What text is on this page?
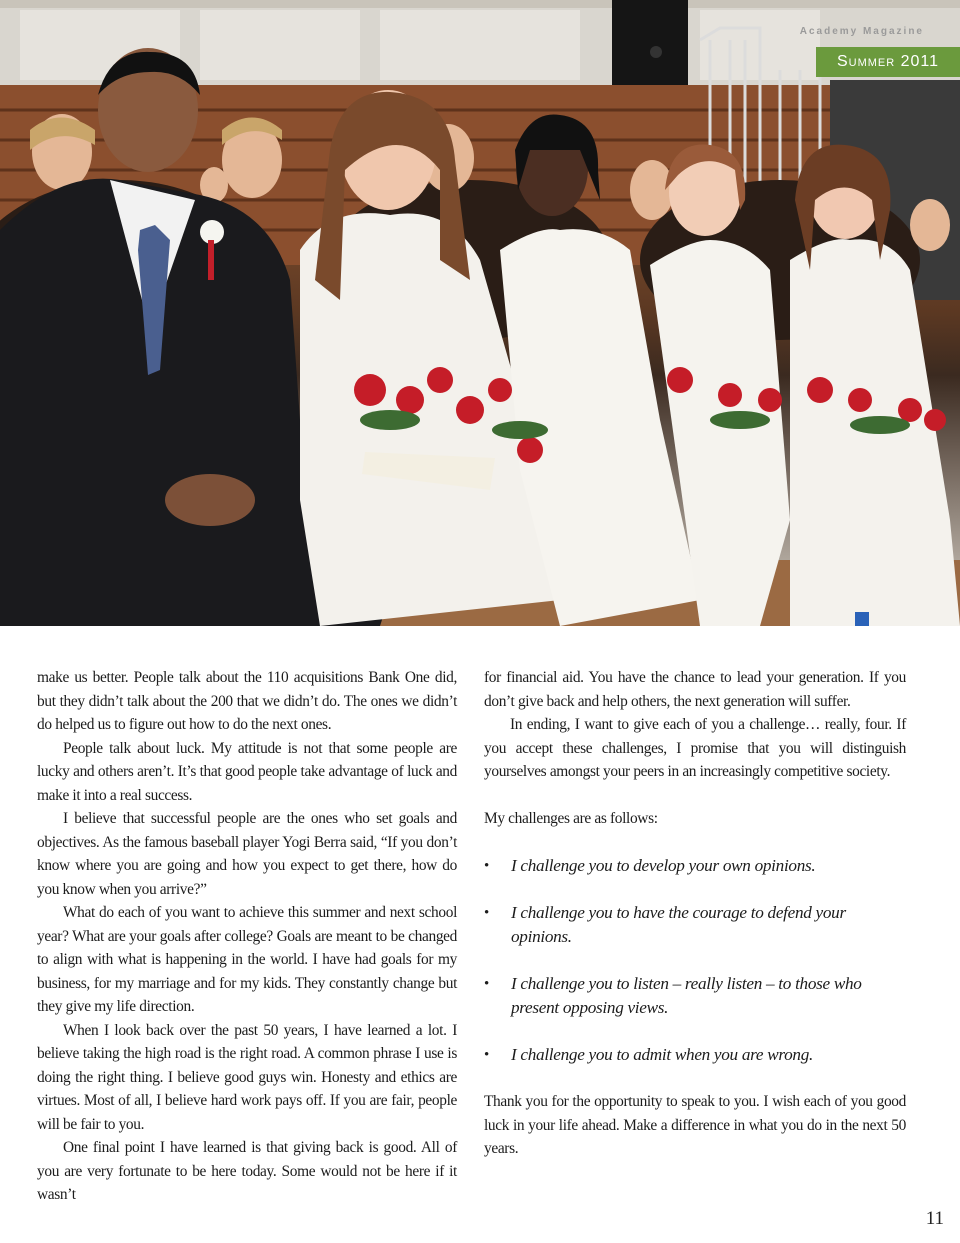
Academy Magazine
Summer 2011

make us better. People talk about the 110 acquisitions Bank One did, but they didn’t talk about the 200 that we didn’t do. The ones we didn’t do helped us to figure out how to do the next ones.

People talk about luck. My attitude is not that some people are lucky and others aren’t. It’s that good people take advantage of luck and make it into a real success.

I believe that successful people are the ones who set goals and objectives. As the famous baseball player Yogi Berra said, “If you don’t know where you are going and how you expect to get there, how do you know when you arrive?”

What do each of you want to achieve this summer and next school year? What are your goals after college? Goals are meant to be changed to align with what is happening in the world. I have had goals for my business, for my marriage and for my kids. They constantly change but they give my life direction.

When I look back over the past 50 years, I have learned a lot. I believe taking the high road is the right road. A common phrase I use is doing the right thing. I believe good guys win. Honesty and ethics are virtues. Most of all, I believe hard work pays off. If you are fair, people will be fair to you.

One final point I have learned is that giving back is good. All of you are very fortunate to be here today. Some would not be here if it wasn’t

for financial aid. You have the chance to lead your generation. If you don’t give back and help others, the next generation will suffer.

In ending, I want to give each of you a challenge… really, four. If you accept these challenges, I promise that you will distinguish yourselves amongst your peers in an increasingly competitive society.

My challenges are as follows:

• I challenge you to develop your own opinions.
• I challenge you to have the courage to defend your opinions.
• I challenge you to listen – really listen – to those who present opposing views.
• I challenge you to admit when you are wrong.

Thank you for the opportunity to speak to you. I wish each of you good luck in your life ahead. Make a difference in what you do in the next 50 years.

11
